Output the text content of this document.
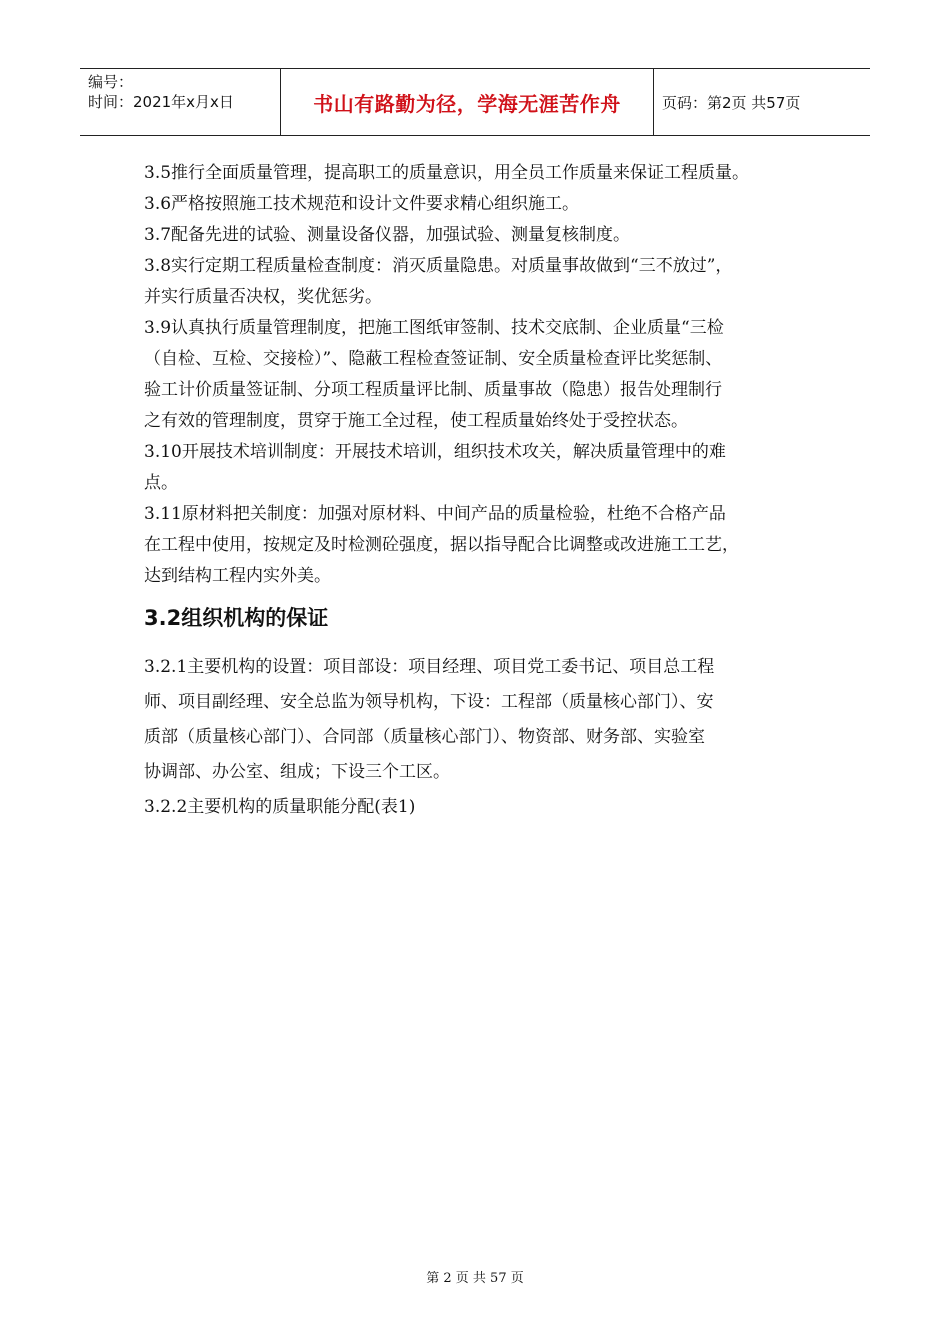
编号：
时间：2021年x月x日	书山有路勤为径，学海无涯苦作舟	页码：第2页 共57页
3.5推行全面质量管理，提高职工的质量意识，用全员工作质量来保证工程质量。
3.6严格按照施工技术规范和设计文件要求精心组织施工。
3.7配备先进的试验、测量设备仪器，加强试验、测量复核制度。
3.8实行定期工程质量检查制度：消灭质量隐患。对质量事故做到“三不放过”，
并实行质量否决权，奖优惩劣。
3.9认真执行质量管理制度，把施工图纸审签制、技术交底制、企业质量“三检
（自检、互检、交接检）”、隐蔽工程检查签证制、安全质量检查评比奖惩制、
验工计价质量签证制、分项工程质量评比制、质量事故（隐患）报告处理制行
之有效的管理制度，贯穿于施工全过程，使工程质量始终处于受控状态。
3.10开展技术培训制度：开展技术培训，组织技术攻关，解决质量管理中的难
点。
3.11原材料把关制度：加强对原材料、中间产品的质量检验，杜绝不合格产品
在工程中使用，按规定及时检测砼强度，据以指导配合比调整或改进施工工艺，
达到结构工程内实外美。
3.2组织机构的保证
3.2.1主要机构的设置：项目部设：项目经理、项目党工委书记、项目总工程
师、项目副经理、安全总监为领导机构，下设：工程部（质量核心部门）、安
质部（质量核心部门）、合同部（质量核心部门）、物资部、财务部、实验室
协调部、办公室、组成；下设三个工区。
3.2.2主要机构的质量职能分配(表1)
第 2 页 共 57 页
